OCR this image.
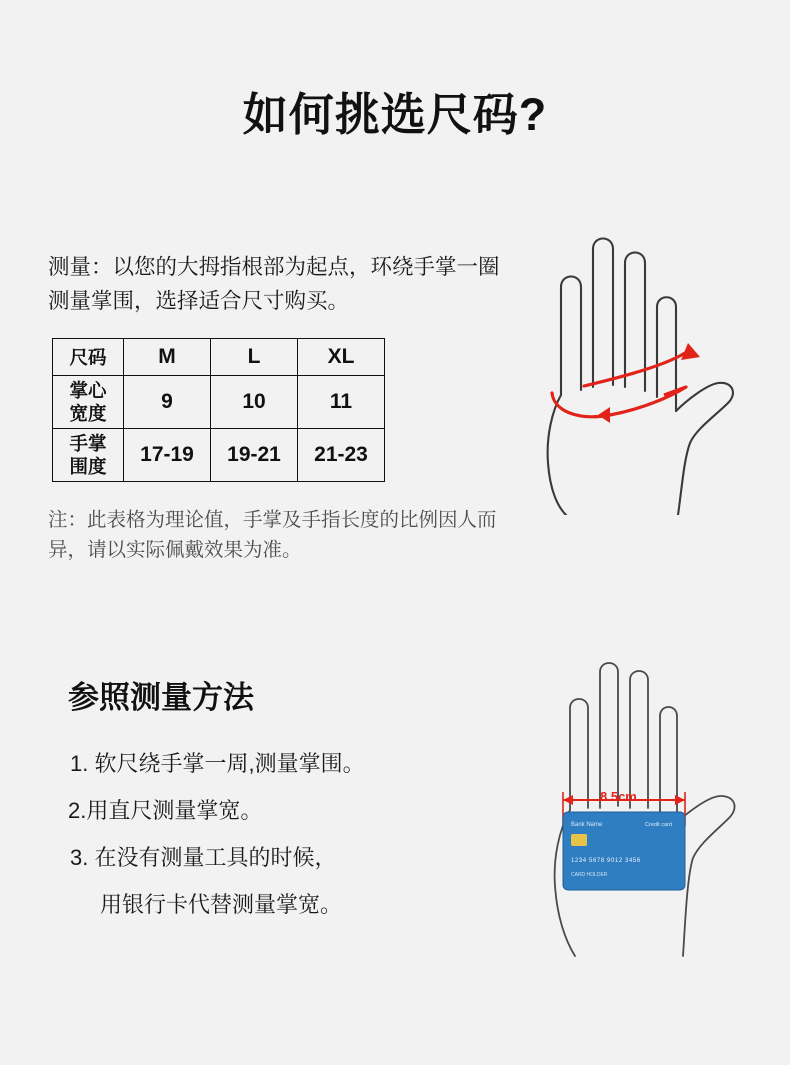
如何挑选尺码?
测量：以您的大拇指根部为起点，环绕手掌一圈测量掌围，选择适合尺寸购买。
尺码	M	L	XL

掌心
宽度	9	10	11

手掌
围度	17-19	19-21	21-23
注：此表格为理论值，手掌及手指长度的比例因人而异，请以实际佩戴效果为准。
Bank Name	Credit card
1234 5678 9012 3456
CARD HOLDER
8.5cm
参照测量方法
1. 软尺绕手掌一周,测量掌围。
2.用直尺测量掌宽。
3. 在没有测量工具的时候，
用银行卡代替测量掌宽。
